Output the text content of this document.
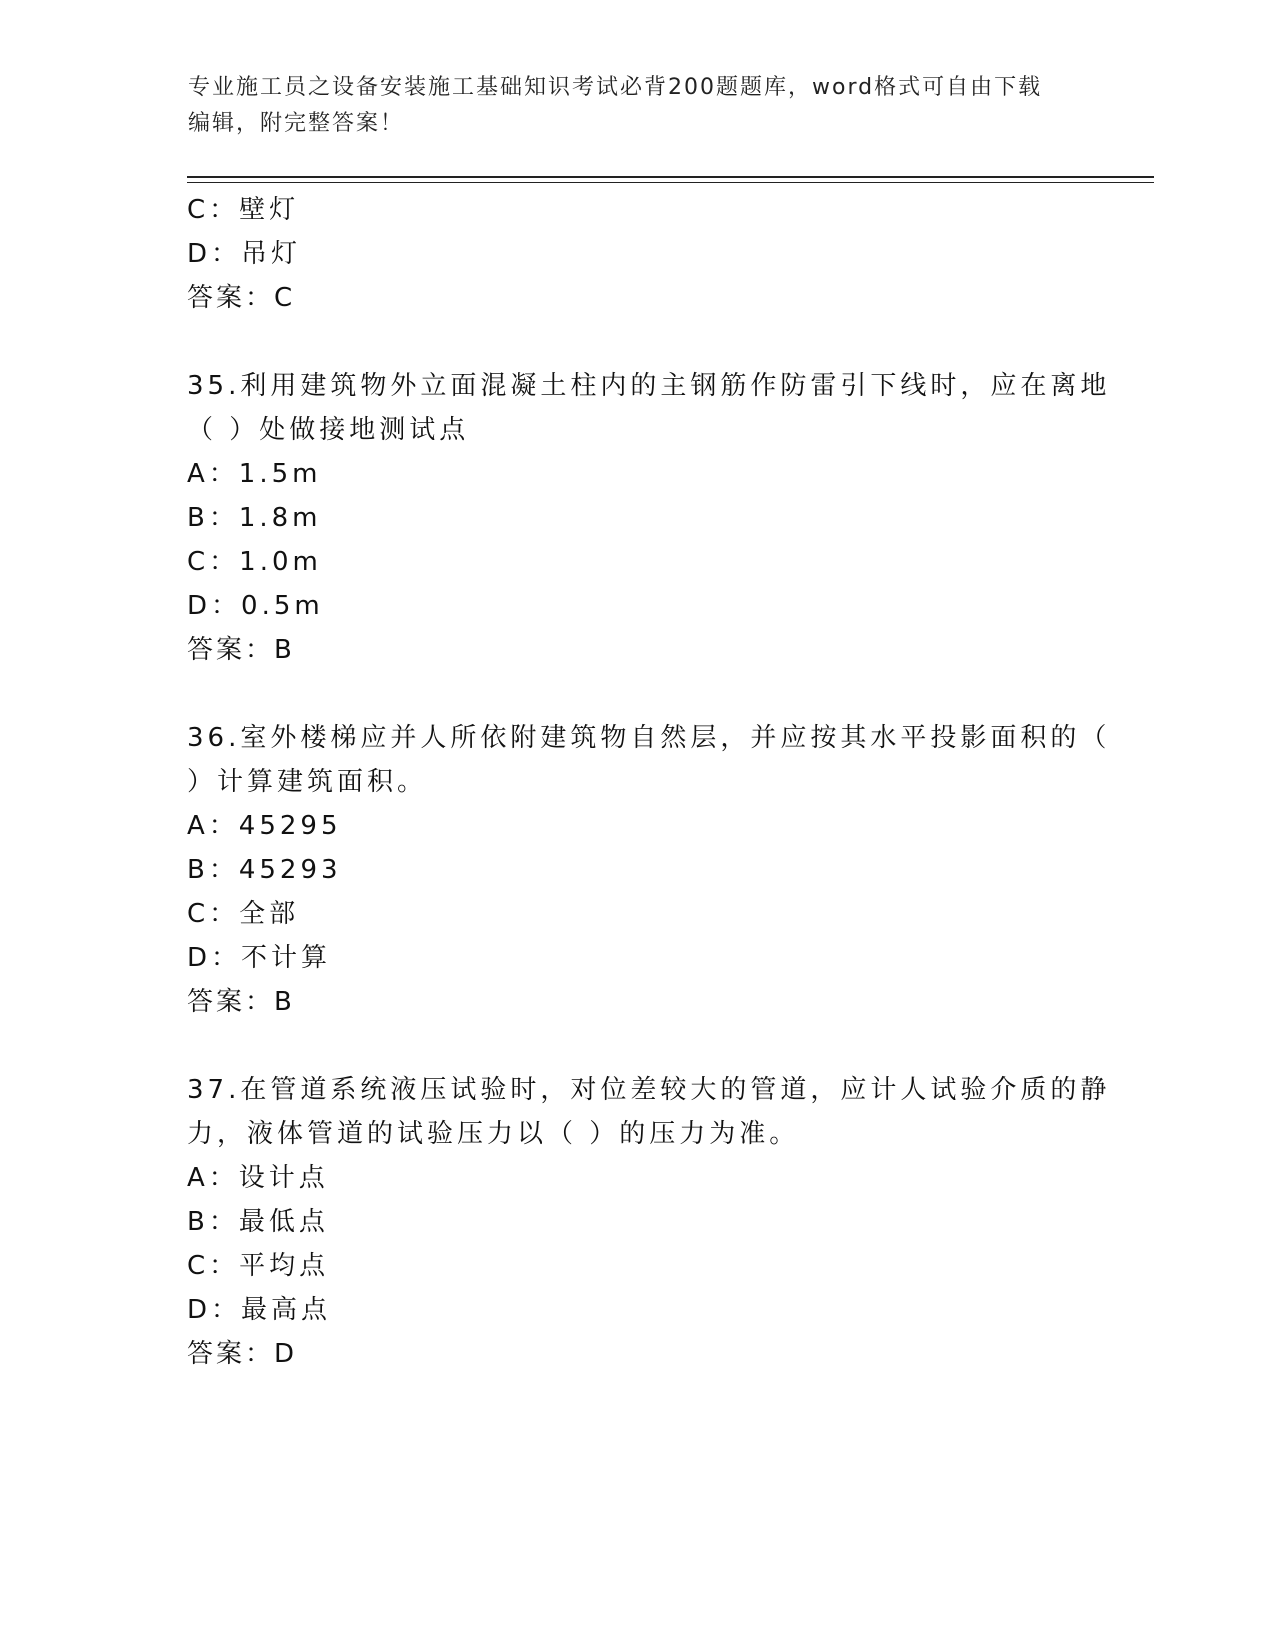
专业施工员之设备安装施工基础知识考试必背200题题库，word格式可自由下载
编辑，附完整答案！
C：壁灯
D：吊灯
答案：C
35.利用建筑物外立面混凝土柱内的主钢筋作防雷引下线时，应在离地
（ ）处做接地测试点
A：1.5m
B：1.8m
C：1.0m
D：0.5m
答案：B
36.室外楼梯应并人所依附建筑物自然层，并应按其水平投影面积的（
）计算建筑面积。
A：45295
B：45293
C：全部
D：不计算
答案：B
37.在管道系统液压试验时，对位差较大的管道，应计人试验介质的静
力，液体管道的试验压力以（ ）的压力为准。
A：设计点
B：最低点
C：平均点
D：最高点
答案：D
